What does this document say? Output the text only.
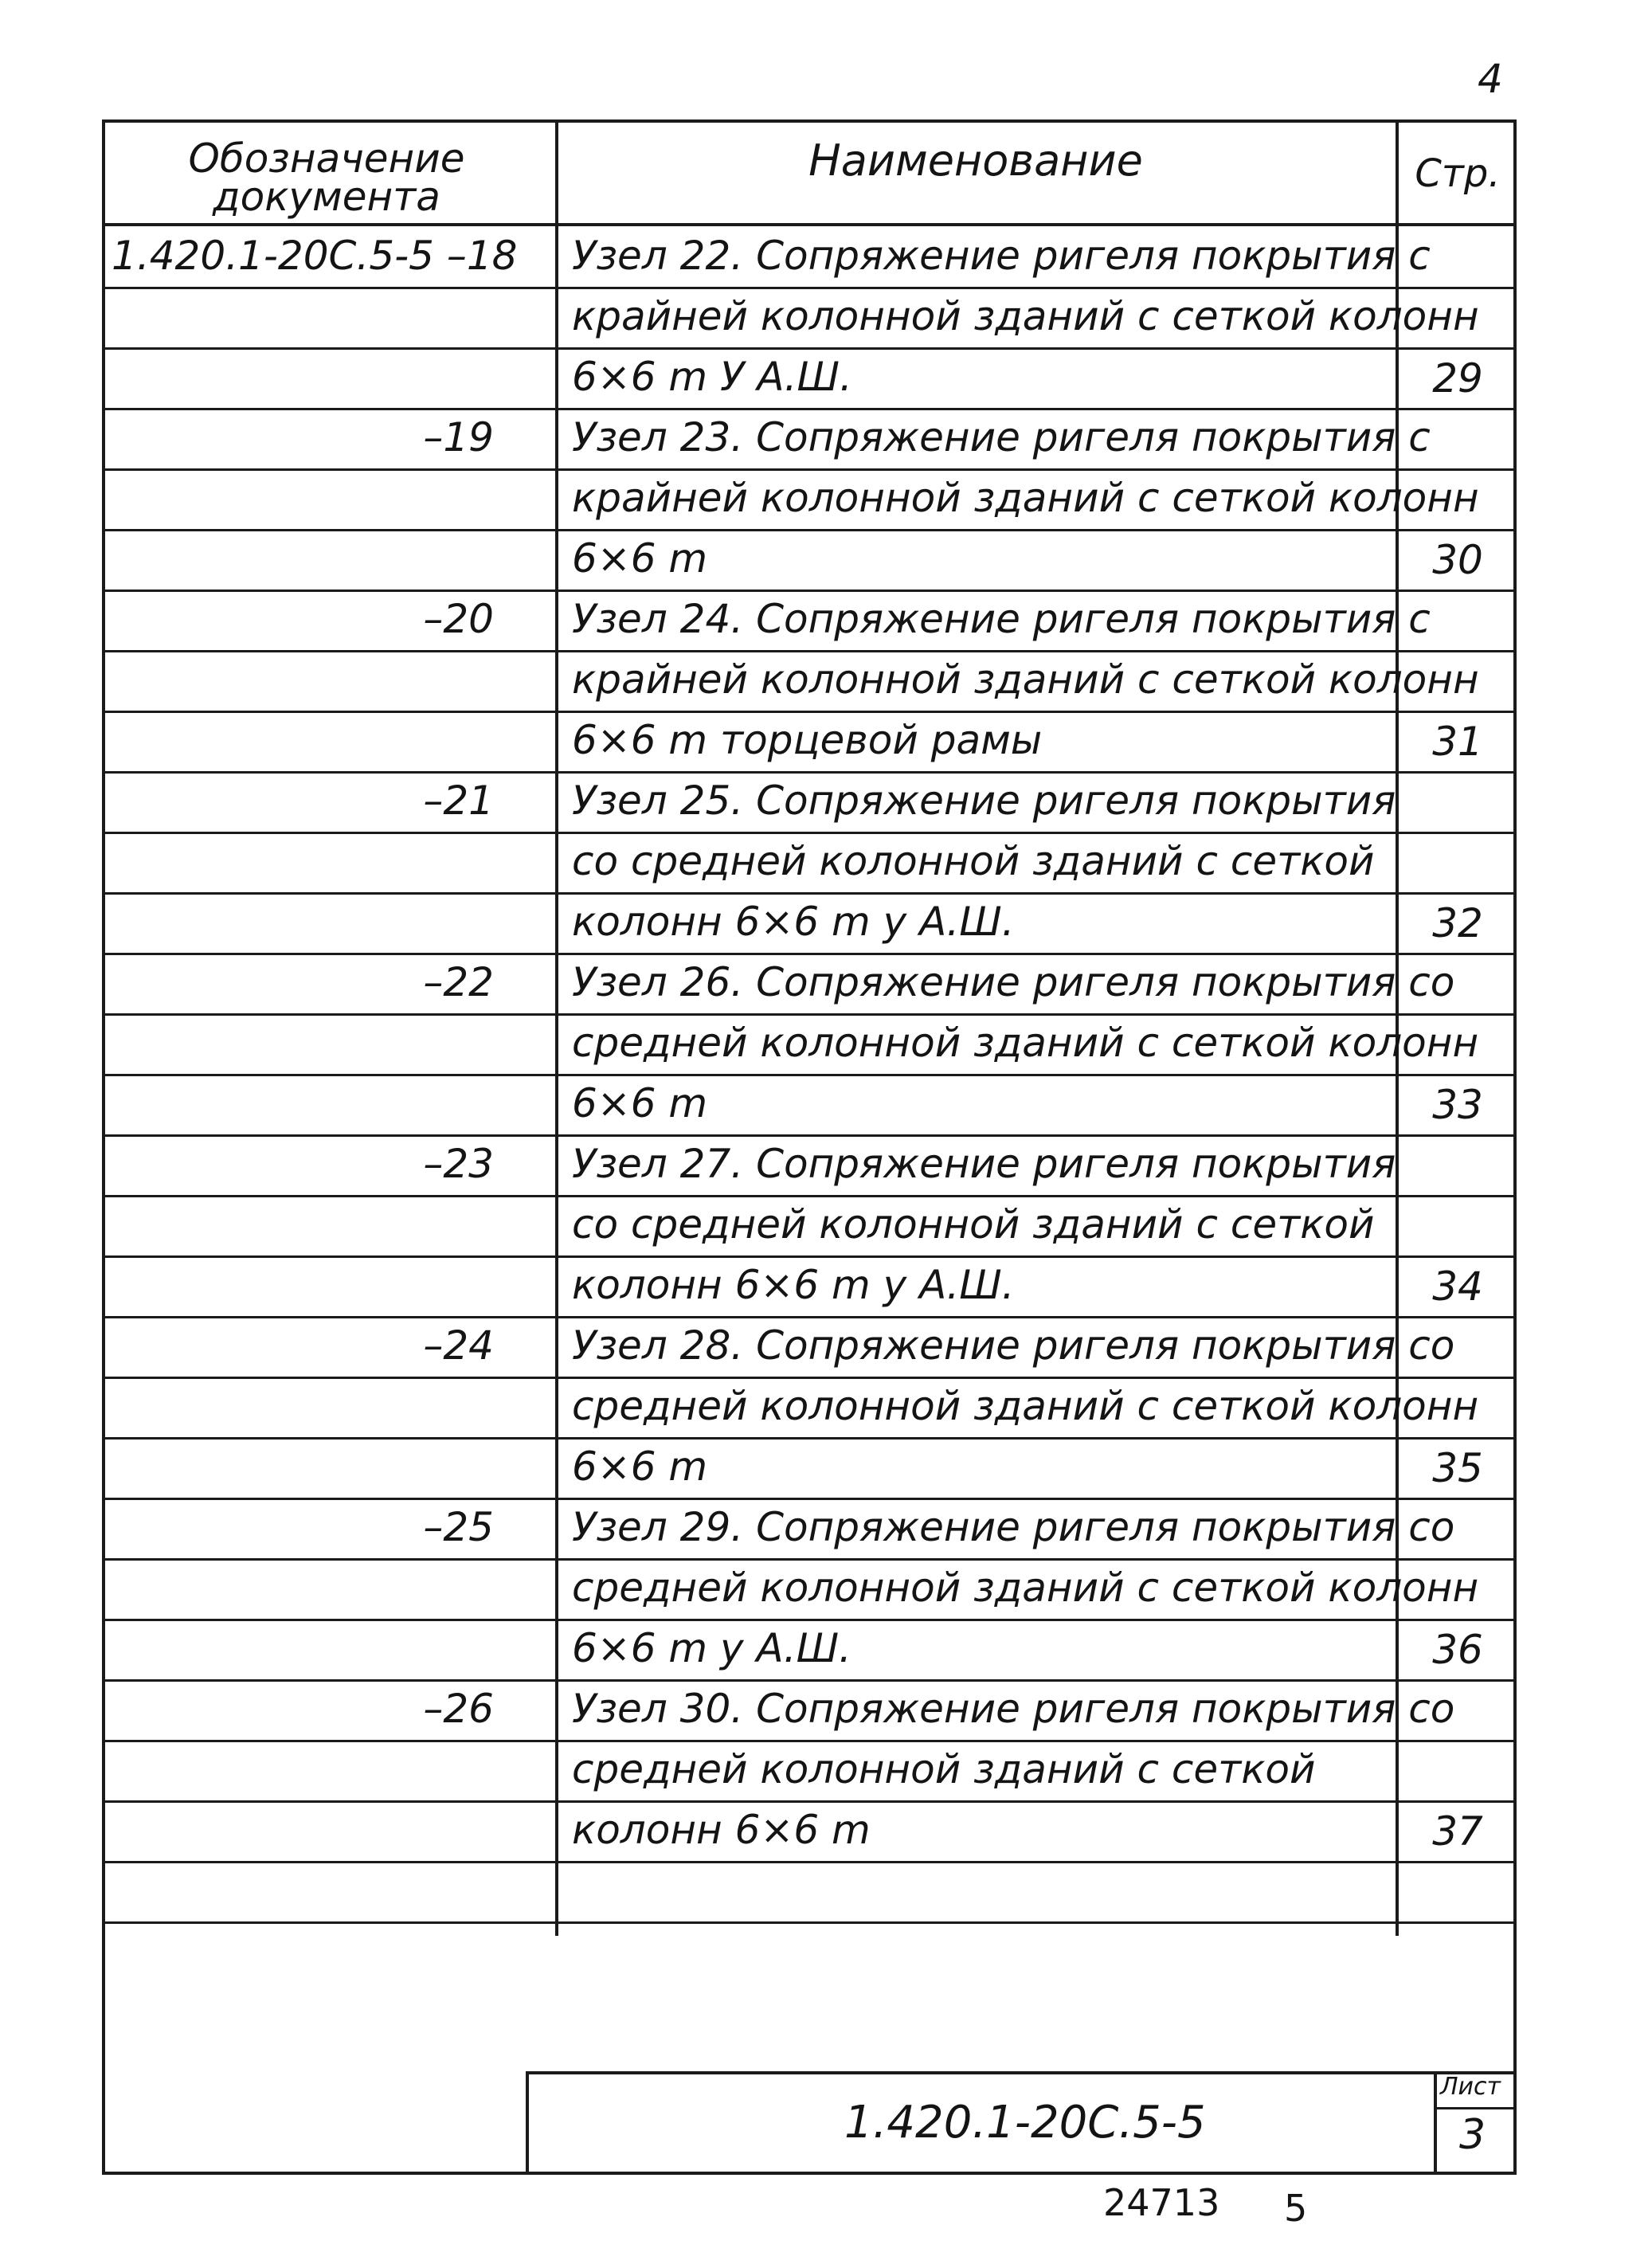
4
Обозначение документа
Наименование	Стр.
1.420.1-20С.5-5 –18 Узел 22. Сопряжение ригеля покрытия с
крайней колонной зданий с сеткой колонн
6×6 m У А.Ш.	29
–19 Узел 23. Сопряжение ригеля покрытия с
крайней колонной зданий с сеткой колонн
6×6 m	30
–20 Узел 24. Сопряжение ригеля покрытия с
крайней колонной зданий с сеткой колонн
6×6 m торцевой рамы	31
–21 Узел 25. Сопряжение ригеля покрытия
со средней колонной зданий с сеткой
колонн 6×6 m у А.Ш.	32
–22 Узел 26. Сопряжение ригеля покрытия со
средней колонной зданий с сеткой колонн
6×6 m	33
–23 Узел 27. Сопряжение ригеля покрытия
со средней колонной зданий с сеткой
колонн 6×6 m у А.Ш.	34
–24 Узел 28. Сопряжение ригеля покрытия со
средней колонной зданий с сеткой колонн
6×6 m	35
–25 Узел 29. Сопряжение ригеля покрытия со
средней колонной зданий с сеткой колонн
6×6 m у А.Ш.	36
–26 Узел 30. Сопряжение ригеля покрытия со
средней колонной зданий с сеткой
колонн 6×6 m	37
1.420.1-20С.5-5
Лист
3
24713 5
